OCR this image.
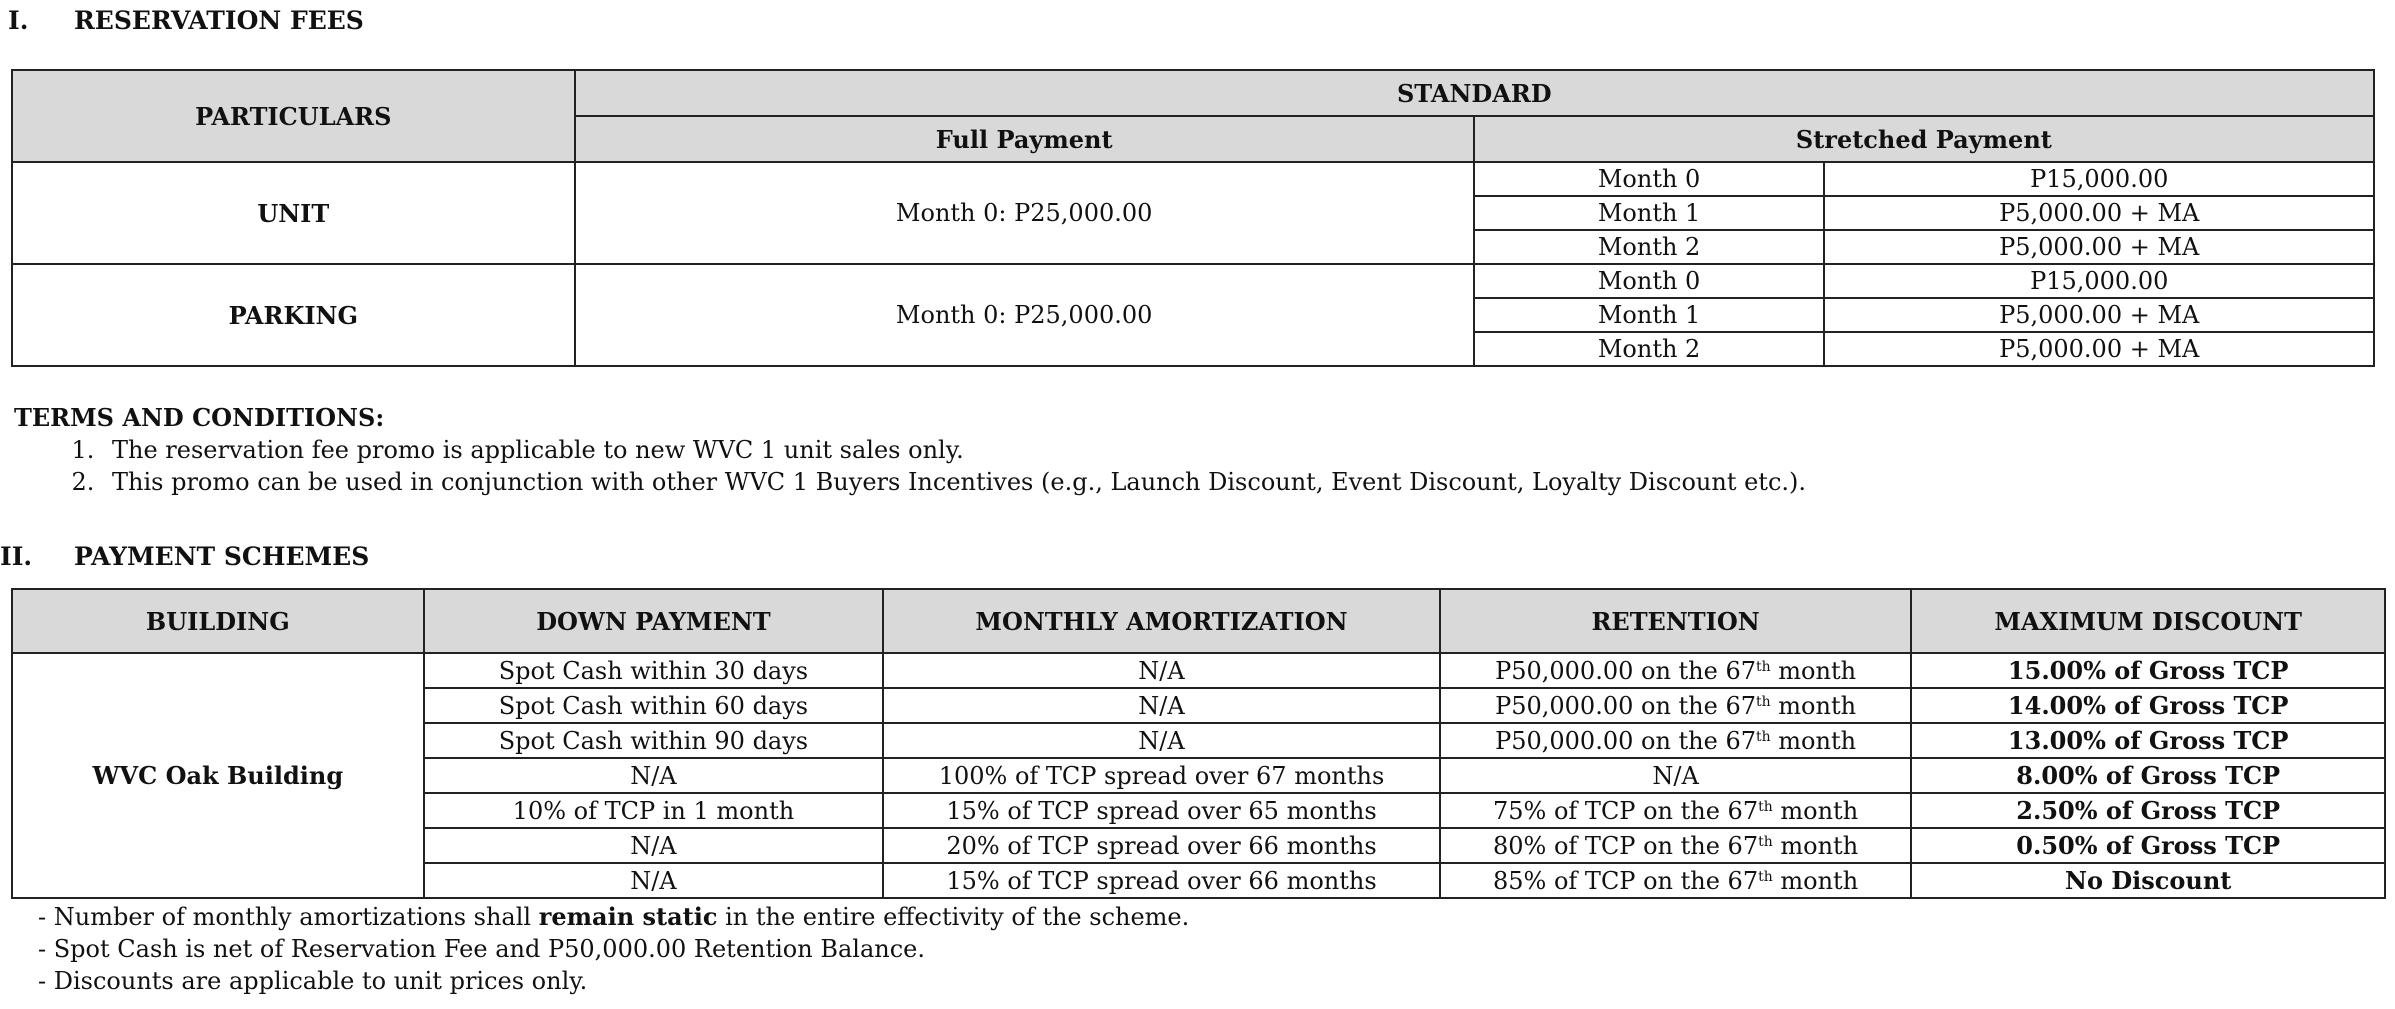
I. RESERVATION FEES
PARTICULARS	STANDARD		
	Full Payment	Stretched Payment	
UNIT	Month 0: P25,000.00	Month 0	P15,000.00
		Month 1	P5,000.00 + MA
		Month 2	P5,000.00 + MA
PARKING	Month 0: P25,000.00	Month 0	P15,000.00
		Month 1	P5,000.00 + MA
		Month 2	P5,000.00 + MA
TERMS AND CONDITIONS:
1. The reservation fee promo is applicable to new WVC 1 unit sales only.
2. This promo can be used in conjunction with other WVC 1 Buyers Incentives (e.g., Launch Discount, Event Discount, Loyalty Discount etc.).
II. PAYMENT SCHEMES
BUILDING	DOWN PAYMENT	MONTHLY AMORTIZATION	RETENTION	MAXIMUM DISCOUNT
WVC Oak Building	Spot Cash within 30 days	N/A	P50,000.00 on the 67th month	15.00% of Gross TCP
	Spot Cash within 60 days	N/A	P50,000.00 on the 67th month	14.00% of Gross TCP
	Spot Cash within 90 days	N/A	P50,000.00 on the 67th month	13.00% of Gross TCP
	N/A	100% of TCP spread over 67 months	N/A	8.00% of Gross TCP
	10% of TCP in 1 month	15% of TCP spread over 65 months	75% of TCP on the 67th month	2.50% of Gross TCP
	N/A	20% of TCP spread over 66 months	80% of TCP on the 67th month	0.50% of Gross TCP
	N/A	15% of TCP spread over 66 months	85% of TCP on the 67th month	No Discount
- Number of monthly amortizations shall remain static in the entire effectivity of the scheme.
- Spot Cash is net of Reservation Fee and P50,000.00 Retention Balance.
- Discounts are applicable to unit prices only.
